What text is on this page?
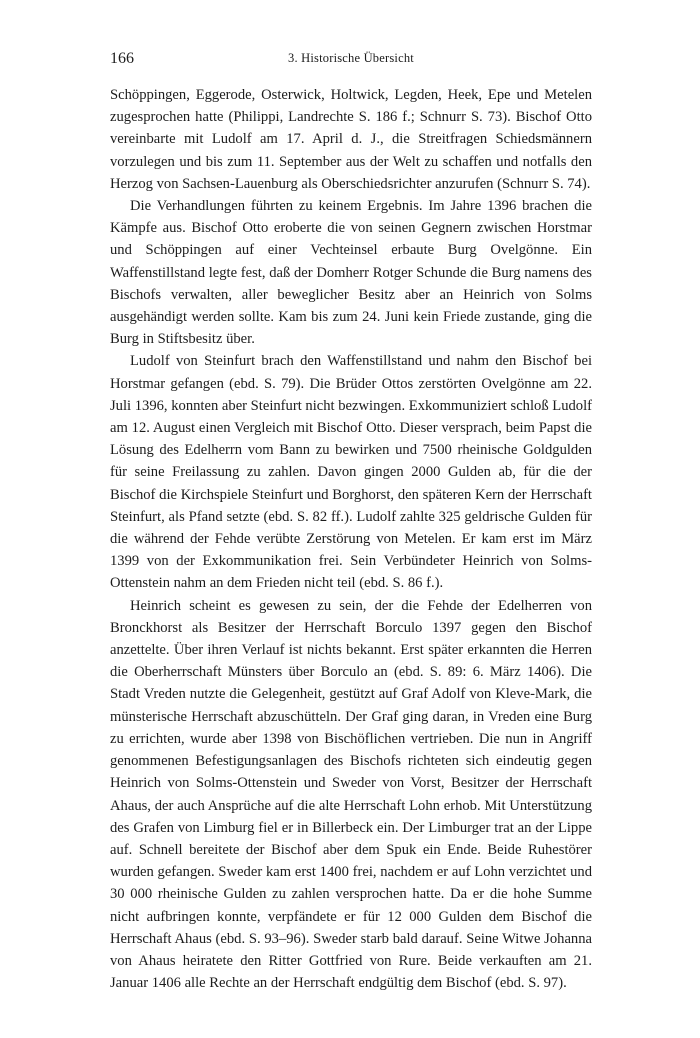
166	3. Historische Übersicht

Schöppingen, Eggerode, Osterwick, Holtwick, Legden, Heek, Epe und Metelen zugesprochen hatte (Philippi, Landrechte S. 186 f.; Schnurr S. 73). Bischof Otto vereinbarte mit Ludolf am 17. April d. J., die Streitfragen Schiedsmännern vorzulegen und bis zum 11. September aus der Welt zu schaffen und notfalls den Herzog von Sachsen-Lauenburg als Oberschiedsrichter anzurufen (Schnurr S. 74).

Die Verhandlungen führten zu keinem Ergebnis. Im Jahre 1396 brachen die Kämpfe aus. Bischof Otto eroberte die von seinen Gegnern zwischen Horstmar und Schöppingen auf einer Vechteinsel erbaute Burg Ovelgönne. Ein Waffenstillstand legte fest, daß der Domherr Rotger Schunde die Burg namens des Bischofs verwalten, aller beweglicher Besitz aber an Heinrich von Solms ausgehändigt werden sollte. Kam bis zum 24. Juni kein Friede zustande, ging die Burg in Stiftsbesitz über.

Ludolf von Steinfurt brach den Waffenstillstand und nahm den Bischof bei Horstmar gefangen (ebd. S. 79). Die Brüder Ottos zerstörten Ovelgönne am 22. Juli 1396, konnten aber Steinfurt nicht bezwingen. Exkommuniziert schloß Ludolf am 12. August einen Vergleich mit Bischof Otto. Dieser versprach, beim Papst die Lösung des Edelherrn vom Bann zu bewirken und 7500 rheinische Goldgulden für seine Freilassung zu zahlen. Davon gingen 2000 Gulden ab, für die der Bischof die Kirchspiele Steinfurt und Borghorst, den späteren Kern der Herrschaft Steinfurt, als Pfand setzte (ebd. S. 82 ff.). Ludolf zahlte 325 geldrische Gulden für die während der Fehde verübte Zerstörung von Metelen. Er kam erst im März 1399 von der Exkommunikation frei. Sein Verbündeter Heinrich von Solms-Ottenstein nahm an dem Frieden nicht teil (ebd. S. 86 f.).

Heinrich scheint es gewesen zu sein, der die Fehde der Edelherren von Bronckhorst als Besitzer der Herrschaft Borculo 1397 gegen den Bischof anzettelte. Über ihren Verlauf ist nichts bekannt. Erst später erkannten die Herren die Oberherrschaft Münsters über Borculo an (ebd. S. 89: 6. März 1406). Die Stadt Vreden nutzte die Gelegenheit, gestützt auf Graf Adolf von Kleve-Mark, die münsterische Herrschaft abzuschütteln. Der Graf ging daran, in Vreden eine Burg zu errichten, wurde aber 1398 von Bischöflichen vertrieben. Die nun in Angriff genommenen Befestigungsanlagen des Bischofs richteten sich eindeutig gegen Heinrich von Solms-Ottenstein und Sweder von Vorst, Besitzer der Herrschaft Ahaus, der auch Ansprüche auf die alte Herrschaft Lohn erhob. Mit Unterstützung des Grafen von Limburg fiel er in Billerbeck ein. Der Limburger trat an der Lippe auf. Schnell bereitete der Bischof aber dem Spuk ein Ende. Beide Ruhestörer wurden gefangen. Sweder kam erst 1400 frei, nachdem er auf Lohn verzichtet und 30 000 rheinische Gulden zu zahlen versprochen hatte. Da er die hohe Summe nicht aufbringen konnte, verpfändete er für 12 000 Gulden dem Bischof die Herrschaft Ahaus (ebd. S. 93–96). Sweder starb bald darauf. Seine Witwe Johanna von Ahaus heiratete den Ritter Gottfried von Rure. Beide verkauften am 21. Januar 1406 alle Rechte an der Herrschaft endgültig dem Bischof (ebd. S. 97).
